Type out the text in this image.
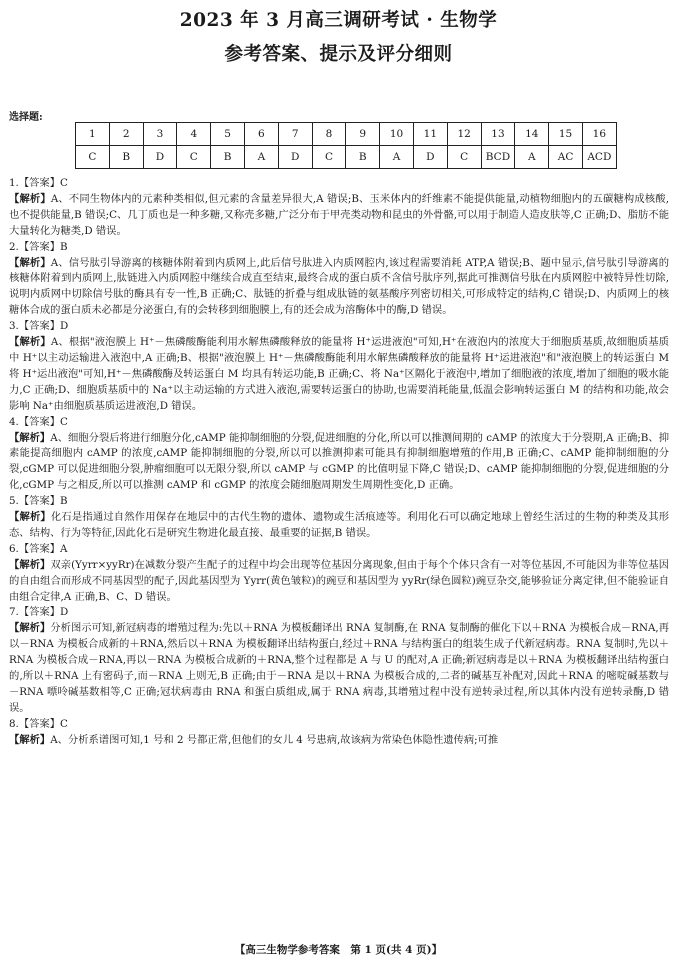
2023 年 3 月高三调研考试 · 生物学
参考答案、提示及评分细则
选择题:
1	2	3	4	5	6	7	8	9	10	11	12	13	14	15	16
C	B	D	C	B	A	D	C	B	A	D	C	BCD	A	AC	ACD

1.【答案】C

【解析】A、不同生物体内的元素种类相似,但元素的含量差异很大,A 错误;B、玉米体内的纤维素不能提供能量,动植物细胞内的五碳糖构成核酸,也不提供能量,B 错误;C、几丁质也是一种多糖,又称壳多糖,广泛分布于甲壳类动物和昆虫的外骨骼,可以用于制造人造皮肤等,C 正确;D、脂肪不能大量转化为糖类,D 错误。

2.【答案】B

【解析】A、信号肽引导游离的核糖体附着到内质网上,此后信号肽进入内质网腔内,该过程需要消耗 ATP,A 错误;B、题中显示,信号肽引导游离的核糖体附着到内质网上,肽链进入内质网腔中继续合成直至结束,最终合成的蛋白质不含信号肽序列,据此可推测信号肽在内质网腔中被特异性切除,说明内质网中切除信号肽的酶具有专一性,B 正确;C、肽链的折叠与组成肽链的氨基酸序列密切相关,可形成特定的结构,C 错误;D、内质网上的核糖体合成的蛋白质未必都是分泌蛋白,有的会转移到细胞膜上,有的还会成为溶酶体中的酶,D 错误。

3.【答案】D

【解析】A、根据"液泡膜上 H⁺－焦磷酸酶能利用水解焦磷酸释放的能量将 H⁺运进液泡"可知,H⁺在液泡内的浓度大于细胞质基质,故细胞质基质中 H⁺以主动运输进入液泡中,A 正确;B、根据"液泡膜上 H⁺－焦磷酸酶能利用水解焦磷酸释放的能量将 H⁺运进液泡"和"液泡膜上的转运蛋白 M 将 H⁺运出液泡"可知,H⁺－焦磷酸酶及转运蛋白 M 均具有转运功能,B 正确;C、将 Na⁺区隔化于液泡中,增加了细胞液的浓度,增加了细胞的吸水能力,C 正确;D、细胞质基质中的 Na⁺以主动运输的方式进入液泡,需要转运蛋白的协助,也需要消耗能量,低温会影响转运蛋白 M 的结构和功能,故会影响 Na⁺由细胞质基质运进液泡,D 错误。

4.【答案】C

【解析】A、细胞分裂后将进行细胞分化,cAMP 能抑制细胞的分裂,促进细胞的分化,所以可以推测间期的 cAMP 的浓度大于分裂期,A 正确;B、抑素能提高细胞内 cAMP 的浓度,cAMP 能抑制细胞的分裂,所以可以推测抑素可能具有抑制细胞增殖的作用,B 正确;C、cAMP 能抑制细胞的分裂,cGMP 可以促进细胞分裂,肿瘤细胞可以无限分裂,所以 cAMP 与 cGMP 的比值明显下降,C 错误;D、cAMP 能抑制细胞的分裂,促进细胞的分化,cGMP 与之相反,所以可以推测 cAMP 和 cGMP 的浓度会随细胞周期发生周期性变化,D 正确。

5.【答案】B

【解析】化石是指通过自然作用保存在地层中的古代生物的遗体、遗物或生活痕迹等。利用化石可以确定地球上曾经生活过的生物的种类及其形态、结构、行为等特征,因此化石是研究生物进化最直接、最重要的证据,B 错误。

6.【答案】A

【解析】双亲(Yyrr×yyRr)在减数分裂产生配子的过程中均会出现等位基因分离现象,但由于每个个体只含有一对等位基因,不可能因为非等位基因的自由组合而形成不同基因型的配子,因此基因型为 Yyrr(黄色皱粒)的豌豆和基因型为 yyRr(绿色圆粒)豌豆杂交,能够验证分离定律,但不能验证自由组合定律,A 正确,B、C、D 错误。

7.【答案】D

【解析】分析图示可知,新冠病毒的增殖过程为:先以＋RNA 为模板翻译出 RNA 复制酶,在 RNA 复制酶的催化下以＋RNA 为模板合成－RNA,再以－RNA 为模板合成新的＋RNA,然后以＋RNA 为模板翻译出结构蛋白,经过＋RNA 与结构蛋白的组装生成子代新冠病毒。RNA 复制时,先以＋RNA 为模板合成－RNA,再以－RNA 为模板合成新的＋RNA,整个过程都是 A 与 U 的配对,A 正确;新冠病毒是以＋RNA 为模板翻译出结构蛋白的,所以＋RNA 上有密码子,而－RNA 上则无,B 正确;由于－RNA 是以＋RNA 为模板合成的,二者的碱基互补配对,因此＋RNA 的嘧啶碱基数与－RNA 嘌呤碱基数相等,C 正确;冠状病毒由 RNA 和蛋白质组成,属于 RNA 病毒,其增殖过程中没有逆转录过程,所以其体内没有逆转录酶,D 错误。

8.【答案】C

【解析】A、分析系谱图可知,1 号和 2 号都正常,但他们的女儿 4 号患病,故该病为常染色体隐性遗传病;可推

【高三生物学参考答案　第 1 页(共 4 页)】
